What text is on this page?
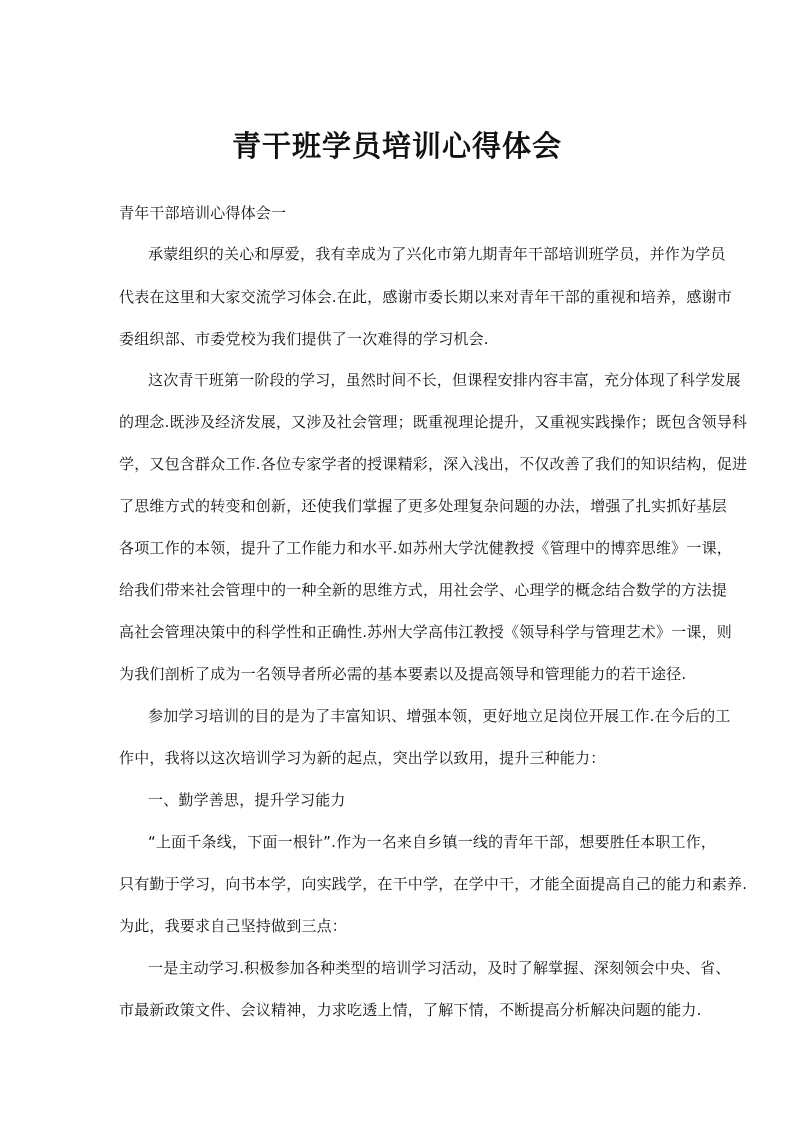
青干班学员培训心得体会
青年干部培训心得体会一
承蒙组织的关心和厚爱，我有幸成为了兴化市第九期青年干部培训班学员，并作为学员
代表在这里和大家交流学习体会.在此，感谢市委长期以来对青年干部的重视和培养，感谢市
委组织部、市委党校为我们提供了一次难得的学习机会.
这次青干班第一阶段的学习，虽然时间不长，但课程安排内容丰富，充分体现了科学发展
的理念.既涉及经济发展，又涉及社会管理；既重视理论提升，又重视实践操作；既包含领导科
学，又包含群众工作.各位专家学者的授课精彩，深入浅出，不仅改善了我们的知识结构，促进
了思维方式的转变和创新，还使我们掌握了更多处理复杂问题的办法，增强了扎实抓好基层
各项工作的本领，提升了工作能力和水平.如苏州大学沈健教授《管理中的博弈思维》一课，
给我们带来社会管理中的一种全新的思维方式，用社会学、心理学的概念结合数学的方法提
高社会管理决策中的科学性和正确性.苏州大学高伟江教授《领导科学与管理艺术》一课，则
为我们剖析了成为一名领导者所必需的基本要素以及提高领导和管理能力的若干途径.
参加学习培训的目的是为了丰富知识、增强本领，更好地立足岗位开展工作.在今后的工
作中，我将以这次培训学习为新的起点，突出学以致用，提升三种能力：
一、勤学善思，提升学习能力
“上面千条线，下面一根针”.作为一名来自乡镇一线的青年干部，想要胜任本职工作，
只有勤于学习，向书本学，向实践学，在干中学，在学中干，才能全面提高自己的能力和素养.
为此，我要求自己坚持做到三点：
一是主动学习.积极参加各种类型的培训学习活动，及时了解掌握、深刻领会中央、省、
市最新政策文件、会议精神，力求吃透上情，了解下情，不断提高分析解决问题的能力.
